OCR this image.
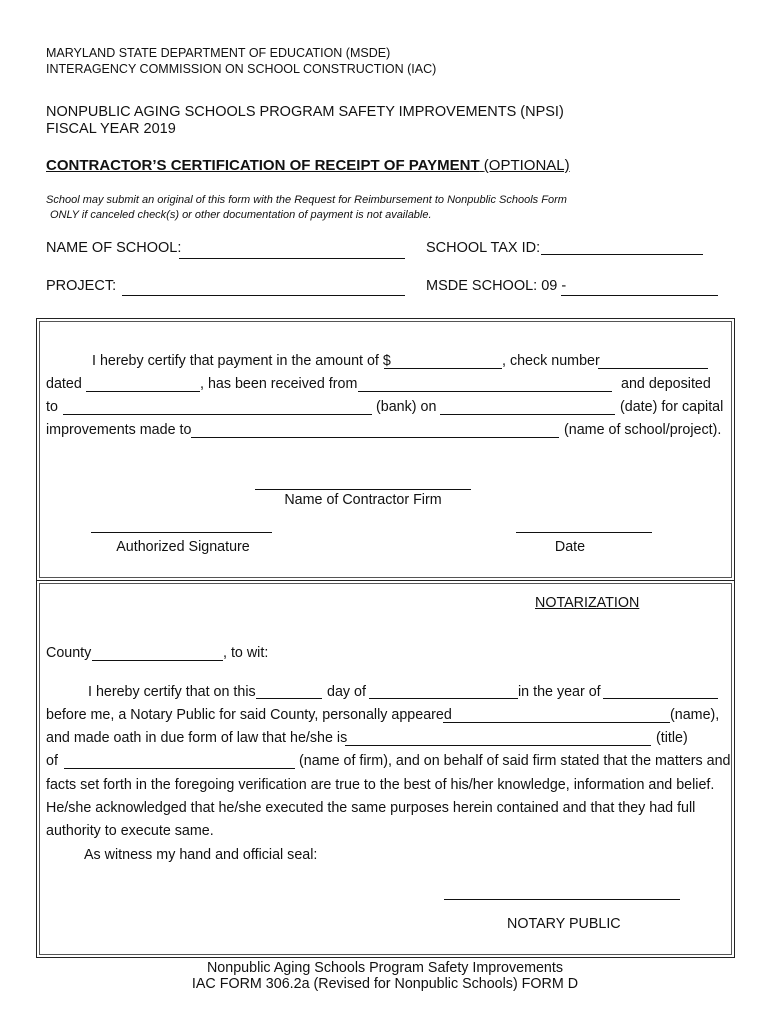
MARYLAND STATE DEPARTMENT OF EDUCATION (MSDE)
INTERAGENCY COMMISSION ON SCHOOL CONSTRUCTION (IAC)
NONPUBLIC AGING SCHOOLS PROGRAM SAFETY IMPROVEMENTS (NPSI)
FISCAL YEAR 2019
CONTRACTOR’S CERTIFICATION OF RECEIPT OF PAYMENT (OPTIONAL)
School may submit an original of this form with the Request for Reimbursement to Nonpublic Schools Form
ONLY if canceled check(s) or other documentation of payment is not available.
NAME OF SCHOOL:	SCHOOL TAX ID:
PROJECT:	MSDE SCHOOL: 09 -
I hereby certify that payment in the amount of $	, check number
dated	, has been received from	and deposited
to	(bank) on	(date) for capital
improvements made to	(name of school/project).
Name of Contractor Firm
Authorized Signature	Date
NOTARIZATION
County	, to wit:
I hereby certify that on this	day of	in the year of
before me, a Notary Public for said County, personally appeared	(name),
and made oath in due form of law that he/she is	(title)
of	(name of firm), and on behalf of said firm stated that the matters and
facts set forth in the foregoing verification are true to the best of his/her knowledge, information and belief.
He/she acknowledged that he/she executed the same purposes herein contained and that they had full
authority to execute same.
As witness my hand and official seal:
NOTARY PUBLIC
Nonpublic Aging Schools Program Safety Improvements
IAC FORM 306.2a (Revised for Nonpublic Schools) FORM D
